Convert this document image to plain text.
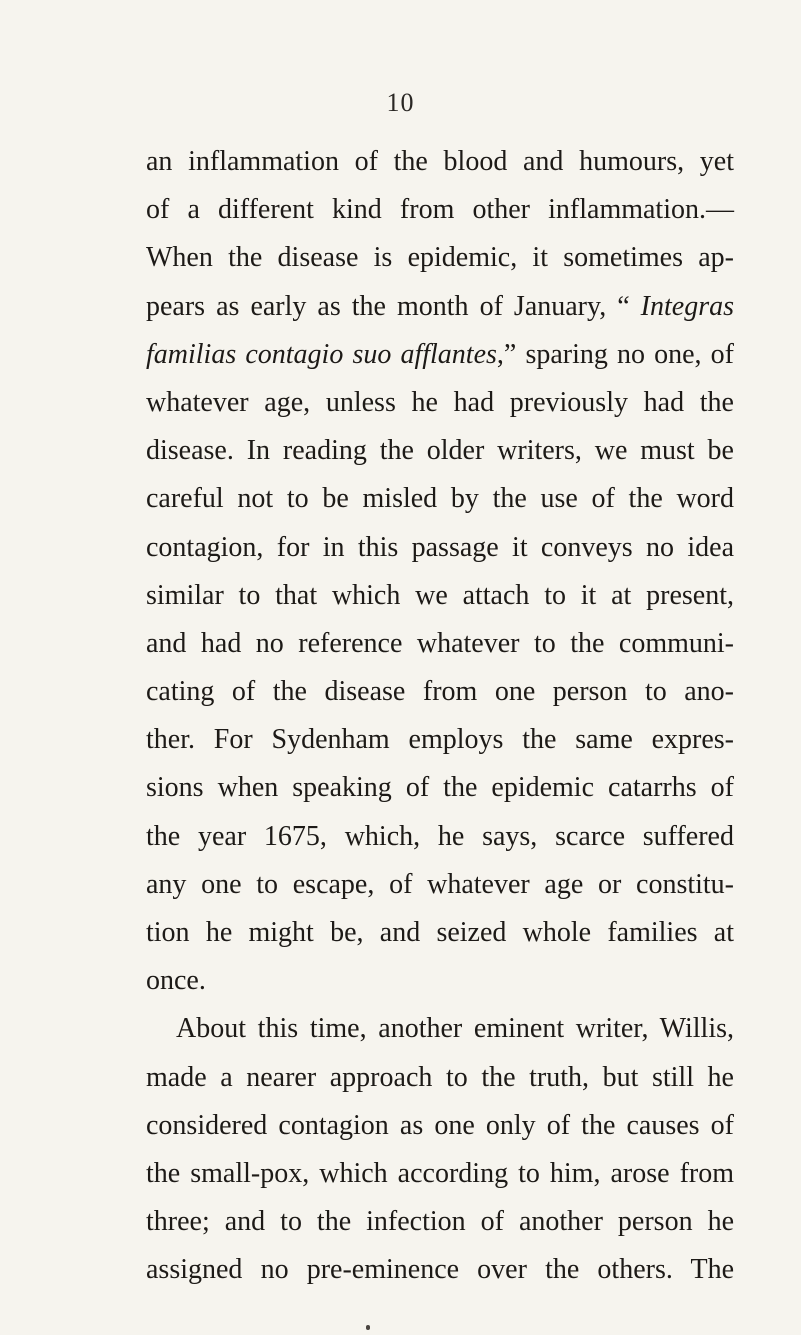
10
an inflammation of the blood and humours, yet
of a different kind from other inflammation.—
When the disease is epidemic, it sometimes ap-
pears as early as the month of January, “ Integras
familias contagio suo afflantes,” sparing no one, of
whatever age, unless he had previously had the
disease. In reading the older writers, we must be
careful not to be misled by the use of the word
contagion, for in this passage it conveys no idea
similar to that which we attach to it at present,
and had no reference whatever to the communi-
cating of the disease from one person to ano-
ther. For Sydenham employs the same expres-
sions when speaking of the epidemic catarrhs of
the year 1675, which, he says, scarce suffered
any one to escape, of whatever age or constitu-
tion he might be, and seized whole families at
once.
About this time, another eminent writer, Willis,
made a nearer approach to the truth, but still he
considered contagion as one only of the causes of
the small-pox, which according to him, arose from
three; and to the infection of another person he
assigned no pre-eminence over the others. The
